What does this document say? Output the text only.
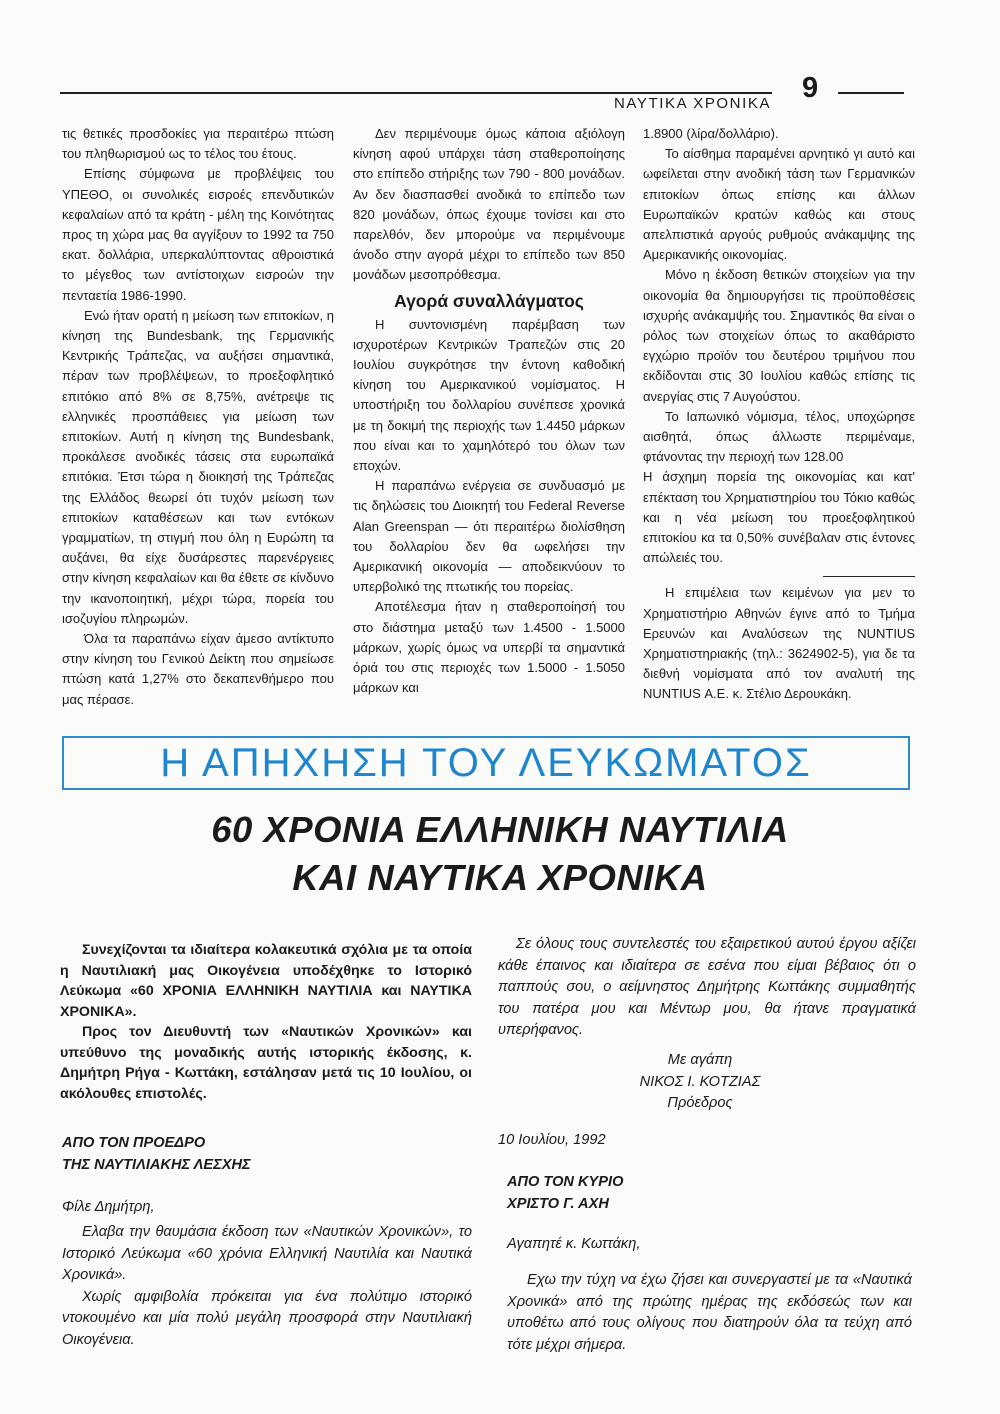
ΝΑΥΤΙΚΑ ΧΡΟΝΙΚΑ 9

τις θετικές προσδοκίες για περαιτέρω πτώση του πληθωρισμού ως το τέλος του έτους.

Επίσης σύμφωνα με προβλέψεις του ΥΠΕΘΟ, οι συνολικές εισροές επενδυτικών κεφαλαίων από τα κράτη - μέλη της Κοινότητας προς τη χώρα μας θα αγγίξουν το 1992 τα 750 εκατ. δολλάρια, υπερκαλύπτοντας αθροιστικά το μέγεθος των αντίστοιχων εισροών την πενταετία 1986-1990.

Ενώ ήταν ορατή η μείωση των επιτοκίων, η κίνηση της Bundesbank, της Γερμανικής Κεντρικής Τράπεζας, να αυξήσει σημαντικά, πέραν των προβλέψεων, το προεξοφλητικό επιτόκιο από 8% σε 8,75%, ανέτρεψε τις ελληνικές προσπάθειες για μείωση των επιτοκίων. Αυτή η κίνηση της Bundesbank, προκάλεσε ανοδικές τάσεις στα ευρωπαϊκά επιτόκια. Έτσι τώρα η διοικησή της Τράπεζας της Ελλάδος θεωρεί ότι τυχόν μείωση των επιτοκίων καταθέσεων και των εντόκων γραμματίων, τη στιγμή που όλη η Ευρώπη τα αυξάνει, θα είχε δυσάρεστες παρενέργειες στην κίνηση κεφαλαίων και θα έθετε σε κίνδυνο την ικανοποιητική, μέχρι τώρα, πορεία του ισοζυγίου πληρωμών.

Όλα τα παραπάνω είχαν άμεσο αντίκτυπο στην κίνηση του Γενικού Δείκτη που σημείωσε πτώση κατά 1,27% στο δεκαπενθήμερο που μας πέρασε.

Δεν περιμένουμε όμως κάποια αξιόλογη κίνηση αφού υπάρχει τάση σταθεροποίησης στο επίπεδο στήριξης των 790 - 800 μονάδων. Αν δεν διασπασθεί ανοδικά το επίπεδο των 820 μονάδων, όπως έχουμε τονίσει και στο παρελθόν, δεν μπορούμε να περιμένουμε άνοδο στην αγορά μέχρι το επίπεδο των 850 μονάδων μεσοπρόθεσμα.

Αγορά συναλλάγματος

Η συντονισμένη παρέμβαση των ισχυροτέρων Κεντρικών Τραπεζών στις 20 Ιουλίου συγκρότησε την έντονη καθοδική κίνηση του Αμερικανικού νομίσματος. Η υποστήριξη του δολλαρίου συνέπεσε χρονικά με τη δοκιμή της περιοχής των 1.4450 μάρκων που είναι και το χαμηλότερό του όλων των εποχών.

Η παραπάνω ενέργεια σε συνδυασμό με τις δηλώσεις του Διοικητή του Federal Reverse Alan Greenspan — ότι περαιτέρω διολίσθηση του δολλαρίου δεν θα ωφελήσει την Αμερικανική οικονομία — αποδεικνύουν το υπερβολικό της πτωτικής του πορείας.

Αποτέλεσμα ήταν η σταθεροποίησή του στο διάστημα μεταξύ των 1.4500 - 1.5000 μάρκων, χωρίς όμως να υπερβί τα σημαντικά όριά του στις περιοχές των 1.5000 - 1.5050 μάρκων και

1.8900 (λίρα/δολλάριο).

Το αίσθημα παραμένει αρνητικό γι αυτό και ωφείλεται στην ανοδική τάση των Γερμανικών επιτοκίων όπως επίσης και άλλων Ευρωπαϊκών κρατών καθώς και στους απελπιστικά αργούς ρυθμούς ανάκαμψης της Αμερικανικής οικονομίας.

Μόνο η έκδοση θετικών στοιχείων για την οικονομία θα δημιουργήσει τις προϋποθέσεις ισχυρής ανάκαμψής του. Σημαντικός θα είναι ο ρόλος των στοιχείων όπως το ακαθάριστο εγχώριο προϊόν του δευτέρου τριμήνου που εκδίδονται στις 30 Ιουλίου καθώς επίσης τις ανεργίας στις 7 Αυγούστου.

Το Ιαπωνικό νόμισμα, τέλος, υποχώρησε αισθητά, όπως άλλωστε περιμέναμε, φτάνοντας την περιοχή των 128.00

Η άσχημη πορεία της οικονομίας και κατ' επέκταση του Χρηματιστηρίου του Τόκιο καθώς και η νέα μείωση του προεξοφλητικού επιτοκίου κα τα 0,50% συνέβαλαν στις έντονες απώλειές του.

Η επιμέλεια των κειμένων για μεν το Χρηματιστήριο Αθηνών έγινε από το Τμήμα Ερευνών και Αναλύσεων της NUNTIUS Χρηματιστηριακής (τηλ.: 3624902-5), για δε τα διεθνή νομίσματα από τον αναλυτή της NUNTIUS Α.Ε. κ. Στέλιο Δερουκάκη.

Η ΑΠΗΧΗΣΗ ΤΟΥ ΛΕΥΚΩΜΑΤΟΣ
60 ΧΡΟΝΙΑ ΕΛΛΗΝΙΚΗ ΝΑΥΤΙΛΙΑ
ΚΑΙ ΝΑΥΤΙΚΑ ΧΡΟΝΙΚΑ

Συνεχίζονται τα ιδιαίτερα κολακευτικά σχόλια με τα οποία η Ναυτιλιακή μας Οικογένεια υποδέχθηκε το Ιστορικό Λεύκωμα «60 ΧΡΟΝΙΑ ΕΛΛΗΝΙΚΗ ΝΑΥΤΙΛΙΑ και ΝΑΥΤΙΚΑ ΧΡΟΝΙΚΑ».

Προς τον Διευθυντή των «Ναυτικών Χρονικών» και υπεύθυνο της μοναδικής αυτής ιστορικής έκδοσης, κ. Δημήτρη Ρήγα - Κωττάκη, εστάλησαν μετά τις 10 Ιουλίου, οι ακόλουθες επιστολές.

Σε όλους τους συντελεστές του εξαιρετικού αυτού έργου αξίζει κάθε έπαινος και ιδιαίτερα σε εσένα που είμαι βέβαιος ότι ο παππούς σου, ο αείμνηστος Δημήτρης Κωττάκης συμμαθητής του πατέρα μου και Μέντωρ μου, θα ήτανε πραγματικά υπερήφανος.

Με αγάπη
ΝΙΚΟΣ Ι. ΚΟΤΖΙΑΣ
Πρόεδρος
10 Ιουλίου, 1992
ΑΠΟ ΤΟΝ ΠΡΟΕΔΡΟ
ΤΗΣ ΝΑΥΤΙΛΙΑΚΗΣ ΛΕΣΧΗΣ
Φίλε Δημήτρη,

Ελαβα την θαυμάσια έκδοση των «Ναυτικών Χρονικών», το Ιστορικό Λεύκωμα «60 χρόνια Ελληνική Ναυτιλία και Ναυτικά Χρονικά».

Χωρίς αμφιβολία πρόκειται για ένα πολύτιμο ιστορικό ντοκουμένο και μία πολύ μεγάλη προσφορά στην Ναυτιλιακή Οικογένεια.

ΑΠΟ ΤΟΝ ΚΥΡΙΟ
ΧΡΙΣΤΟ Γ. ΑΧΗ
Αγαπητέ κ. Κωττάκη,

Εχω την τύχη να έχω ζήσει και συνεργαστεί με τα «Ναυτικά Χρονικά» από της πρώτης ημέρας της εκδόσεώς των και υποθέτω από τους ολίγους που διατηρούν όλα τα τεύχη από τότε μέχρι σήμερα.
